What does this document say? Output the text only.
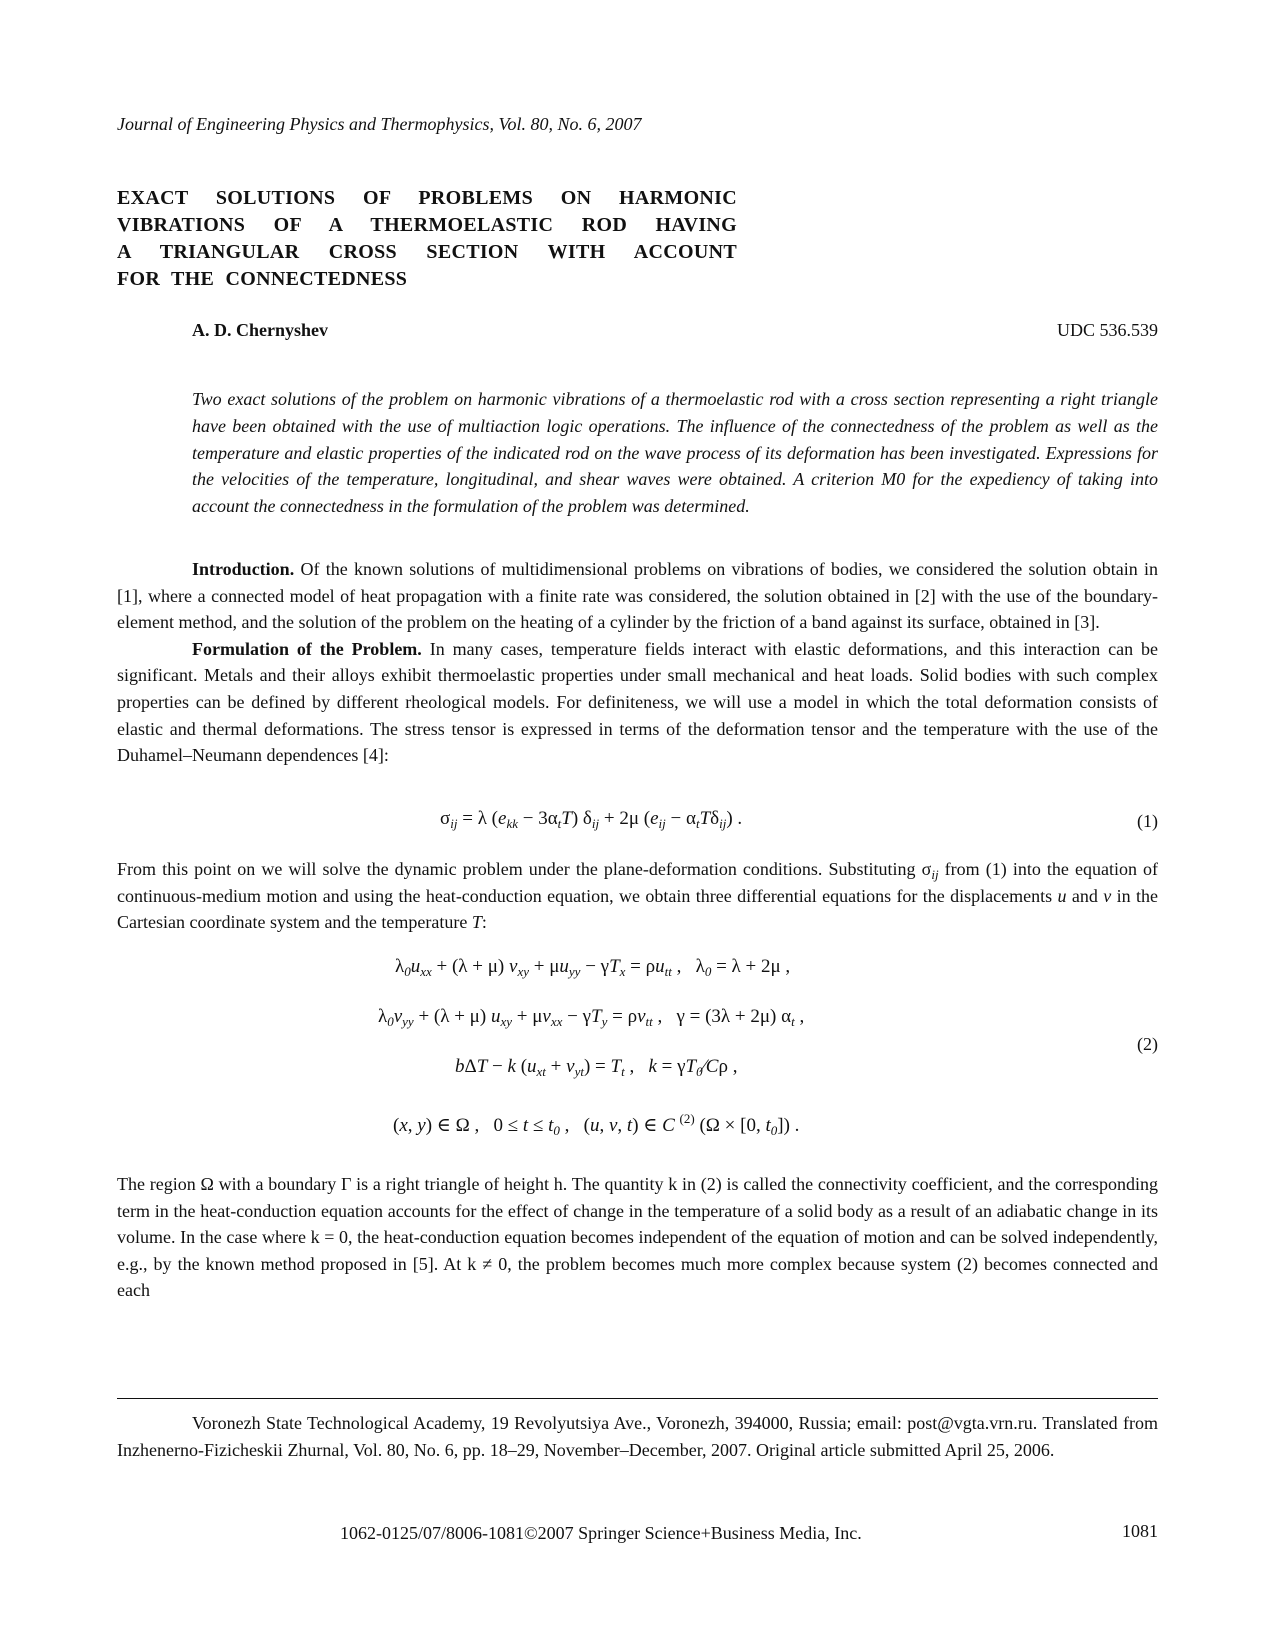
Journal of Engineering Physics and Thermophysics, Vol. 80, No. 6, 2007
EXACT SOLUTIONS OF PROBLEMS ON HARMONIC
VIBRATIONS OF A THERMOELASTIC ROD HAVING
A TRIANGULAR CROSS SECTION WITH ACCOUNT
FOR THE CONNECTEDNESS
A. D. Chernyshev	UDC 536.539

Two exact solutions of the problem on harmonic vibrations of a thermoelastic rod with a cross section representing a right triangle have been obtained with the use of multiaction logic operations. The influence of the connectedness of the problem as well as the temperature and elastic properties of the indicated rod on the wave process of its deformation has been investigated. Expressions for the velocities of the temperature, longitudinal, and shear waves were obtained. A criterion M0 for the expediency of taking into account the connectedness in the formulation of the problem was determined.

Introduction. Of the known solutions of multidimensional problems on vibrations of bodies, we considered the solution obtain in [1], where a connected model of heat propagation with a finite rate was considered, the solution obtained in [2] with the use of the boundary-element method, and the solution of the problem on the heating of a cylinder by the friction of a band against its surface, obtained in [3].

Formulation of the Problem. In many cases, temperature fields interact with elastic deformations, and this interaction can be significant. Metals and their alloys exhibit thermoelastic properties under small mechanical and heat loads. Solid bodies with such complex properties can be defined by different rheological models. For definiteness, we will use a model in which the total deformation consists of elastic and thermal deformations. The stress tensor is expressed in terms of the deformation tensor and the temperature with the use of the Duhamel–Neumann dependences [4]:

$\sigma_{ij} = \lambda$ $(e_{kk} - 3\alpha_tT) \delta_{ij} + 2\mu$ $(e_{ij} - \alpha_tT\delta_{ij})$ .	(1)

From this point on we will solve the dynamic problem under the plane-deformation conditions. Substituting $\sigma_{ij}$ from (1) into the equation of continuous-medium motion and using the heat-conduction equation, we obtain three differential equations for the displacements u and v in the Cartesian coordinate system and the temperature T:

$\lambda_0u_{xx} + (\lambda + \mu) v_{xy} + \mu u_{yy} - \gamma T_x = \rho u_{tt}$ ,   $\lambda_0 = \lambda + 2\mu$ ,
$\lambda_0v_{yy} + (\lambda + \mu) u_{xy} + \mu v_{xx} - \gamma T_y = \rho v_{tt}$ ,   γ = (3λ + 2μ) $\alpha_t$ ,
bΔT − k $(u_{xt} + v_{yt}) = T_t$ ,   $k = \gamma T_0⁄C\rho$ ,
(x, y) ∈ Ω ,   $0 \le t \le t_0$ ,   (u, v, t) ∈ C $^{(2)}$ (Ω × [0, $t_0$]) .
(2)

The region Ω with a boundary Γ is a right triangle of height h. The quantity k in (2) is called the connectivity coefficient, and the corresponding term in the heat-conduction equation accounts for the effect of change in the temperature of a solid body as a result of an adiabatic change in its volume. In the case where k = 0, the heat-conduction equation becomes independent of the equation of motion and can be solved independently, e.g., by the known method proposed in [5]. At k ≠ 0, the problem becomes much more complex because system (2) becomes connected and each

Voronezh State Technological Academy, 19 Revolyutsiya Ave., Voronezh, 394000, Russia; email: post@vgta.vrn.ru. Translated from Inzhenerno-Fizicheskii Zhurnal, Vol. 80, No. 6, pp. 18–29, November–December, 2007. Original article submitted April 25, 2006.

1062-0125/07/8006-1081©2007 Springer Science+Business Media, Inc.	1081
